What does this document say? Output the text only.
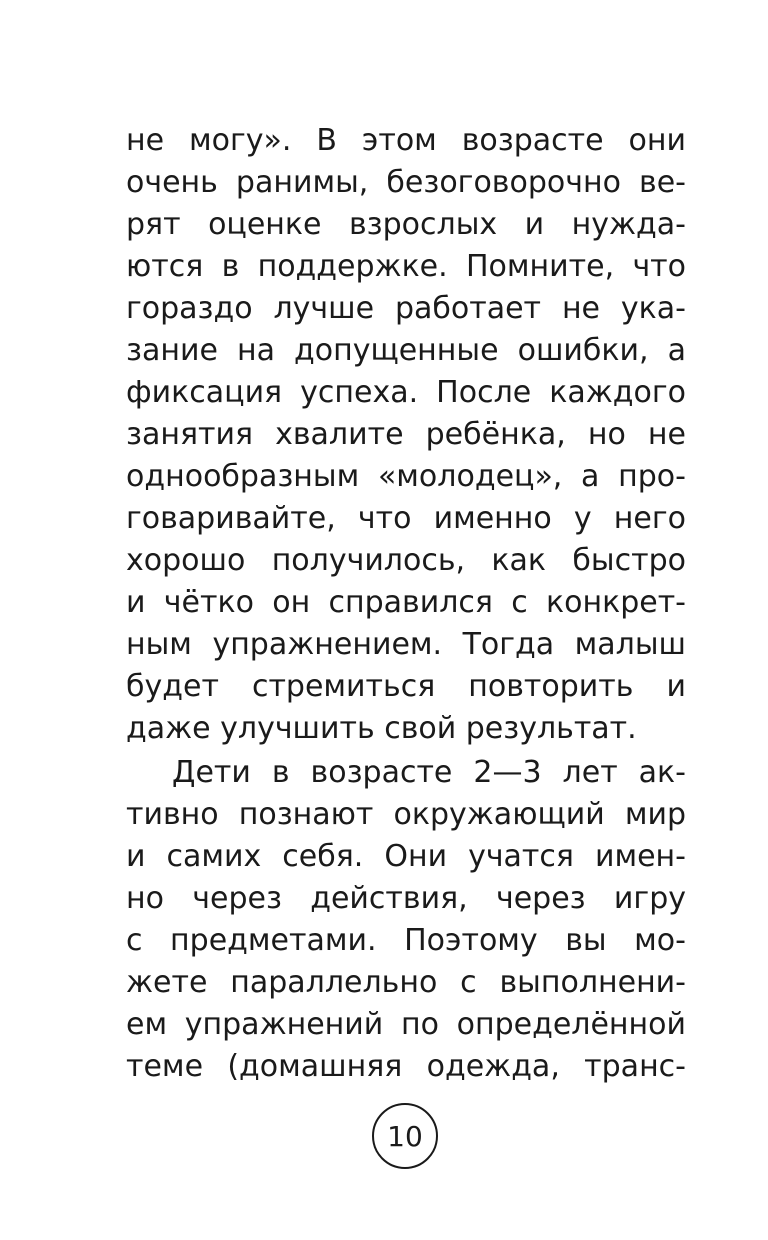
не могу». В этом возрасте они
очень ранимы, безоговорочно ве-
рят оценке взрослых и нужда-
ются в поддержке. Помните, что
гораздо лучше работает не ука-
зание на допущенные ошибки, а
фиксация успеха. После каждого
занятия хвалите ребёнка, но не
однообразным «молодец», а про-
говаривайте, что именно у него
хорошо получилось, как быстро
и чётко он справился с конкрет-
ным упражнением. Тогда малыш
будет стремиться повторить и
даже улучшить свой результат.
Дети в возрасте 2—3 лет ак-
тивно познают окружающий мир
и самих себя. Они учатся имен-
но через действия, через игру
с предметами. Поэтому вы мо-
жете параллельно с выполнени-
ем упражнений по определённой
теме (домашняя одежда, транс-
10
